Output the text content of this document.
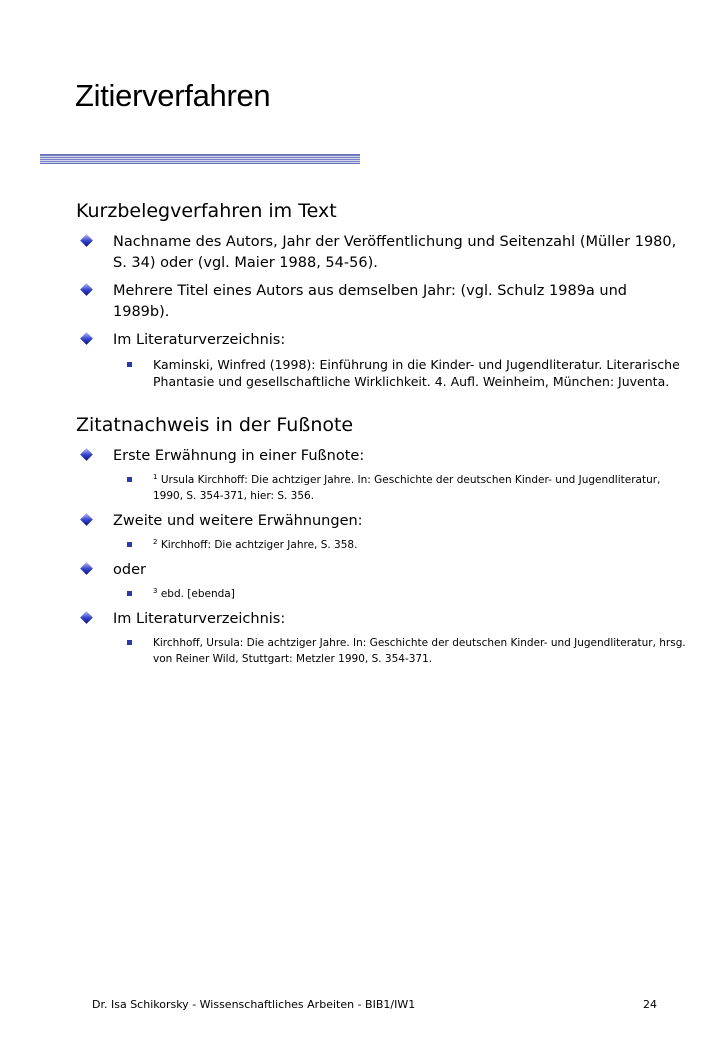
Zitierverfahren
Kurzbelegverfahren im Text
Nachname des Autors, Jahr der Veröffentlichung und Seitenzahl (Müller 1980, S. 34) oder (vgl. Maier 1988, 54-56).
Mehrere Titel eines Autors aus demselben Jahr: (vgl. Schulz 1989a und 1989b).
Im Literaturverzeichnis:
Kaminski, Winfred (1998): Einführung in die Kinder- und Jugendliteratur. Literarische Phantasie und gesellschaftliche Wirklichkeit. 4. Aufl. Weinheim, München: Juventa.
Zitatnachweis in der Fußnote
Erste Erwähnung in einer Fußnote:
$^1$ Ursula Kirchhoff: Die achtziger Jahre. In: Geschichte der deutschen Kinder- und Jugendliteratur, 1990, S. 354-371, hier: S. 356.
Zweite und weitere Erwähnungen:
$^2$ Kirchhoff: Die achtziger Jahre, S. 358.
oder
$^3$ ebd. [ebenda]
Im Literaturverzeichnis:
Kirchhoff, Ursula: Die achtziger Jahre. In: Geschichte der deutschen Kinder- und Jugendliteratur, hrsg. von Reiner Wild, Stuttgart: Metzler 1990, S. 354-371.
Dr. Isa Schikorsky - Wissenschaftliches Arbeiten - BIB1/IW1	24
